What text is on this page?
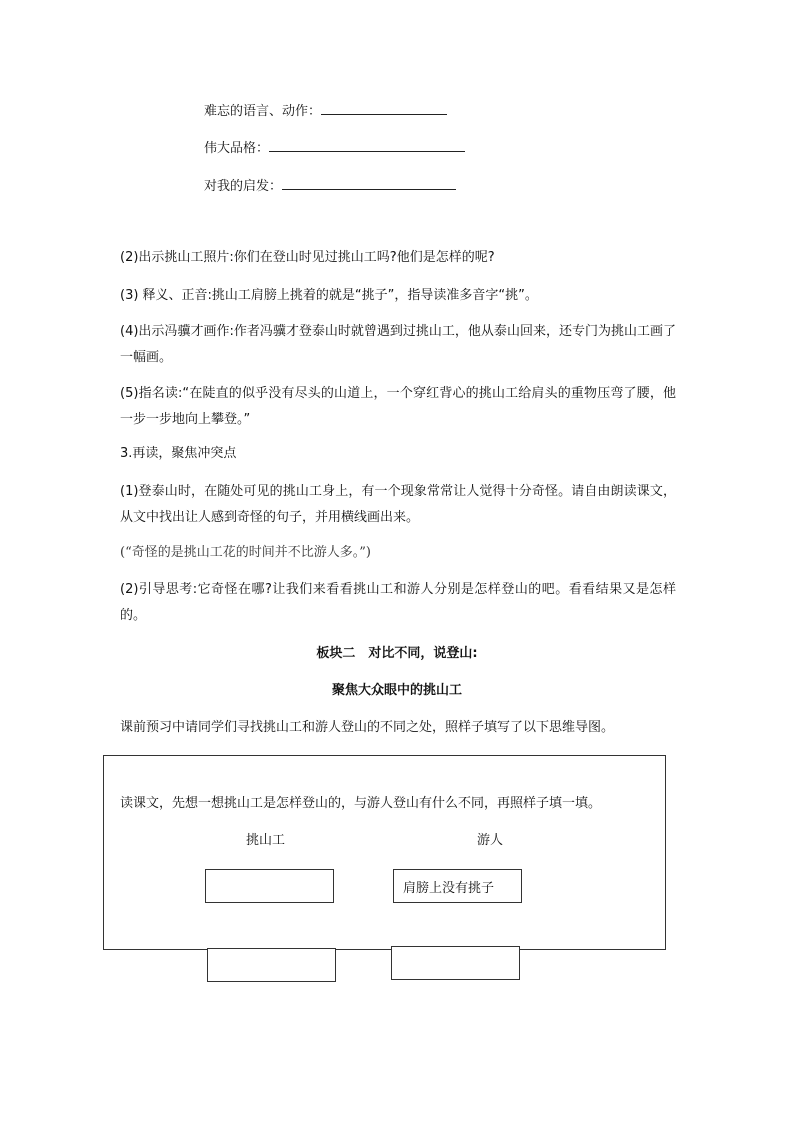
难忘的语言、动作：
伟大品格：
对我的启发：
(2)出示挑山工照片:你们在登山时见过挑山工吗?他们是怎样的呢?
(3) 释义、正音:挑山工肩膀上挑着的就是“挑子”，指导读准多音字“挑”。
(4)出示冯骥才画作:作者冯骥才登泰山时就曾遇到过挑山工，他从泰山回来，还专门为挑山工画了一幅画。
(5)指名读:“在陡直的似乎没有尽头的山道上，一个穿红背心的挑山工给肩头的重物压弯了腰，他一步一步地向上攀登。”
3.再读，聚焦冲突点
(1)登泰山时，在随处可见的挑山工身上，有一个现象常常让人觉得十分奇怪。请自由朗读课文，从文中找出让人感到奇怪的句子，并用横线画出来。
(“奇怪的是挑山工花的时间并不比游人多。”)
(2)引导思考:它奇怪在哪?让我们来看看挑山工和游人分别是怎样登山的吧。看看结果又是怎样的。
板块二　对比不同，说登山:
聚焦大众眼中的挑山工
课前预习中请同学们寻找挑山工和游人登山的不同之处，照样子填写了以下思维导图。
读课文，先想一想挑山工是怎样登山的，与游人登山有什么不同，再照样子填一填。
挑山工	游人
肩膀上没有挑子
